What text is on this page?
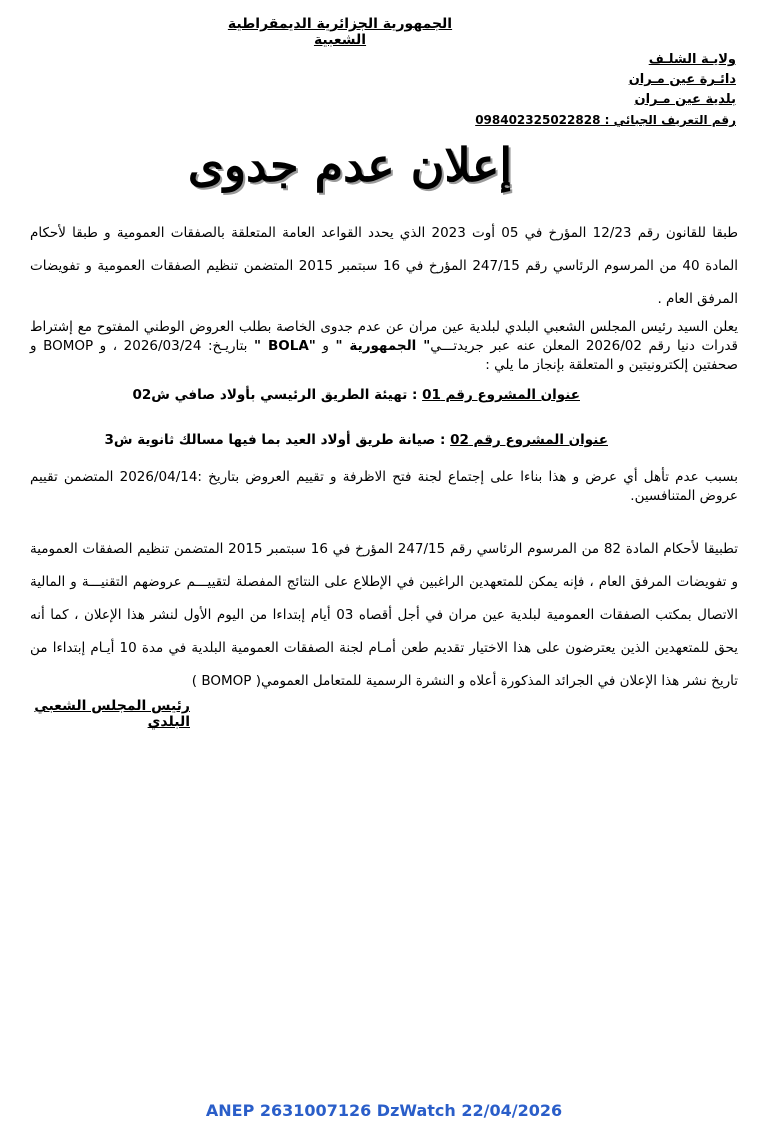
الجمهورية الجزائرية الديمقراطية الشعبية
ولايـة الشلـف
دائـرة عين مـران
بلدية عين مـران
رقم التعريف الجبائي : 098402325022828
إعلان عدم جدوى
طبقا للقانون رقم 12/23 المؤرخ في 05 أوت 2023 الذي يحدد القواعد العامة المتعلقة بالصفقات العمومية و طبقا لأحكام المادة 40 من المرسوم الرئاسي رقم 247/15 المؤرخ في 16 سبتمبر 2015 المتضمن تنظيم الصفقات العمومية و تفويضات المرفق العام .
يعلن السيد رئيس المجلس الشعبي البلدي لبلدية عين مران عن عدم جدوى الخاصة بطلب العروض الوطني المفتوح مع إشتراط قدرات دنيا رقم 2026/02 المعلن عنه عبر جريدتـــي" الجمهورية " و "BOLA " بتاريـخ: 2026/03/24 ، و BOMOP و صحفتين إلكترونيتين و المتعلقة بإنجاز ما يلي :
عنوان المشروع رقم 01 : تهيئة الطريق الرئيسي بأولاد صافي ش02
عنوان المشروع رقم 02 : صيانة طريق أولاد العيد بما فيها مسالك ثانوية ش3
بسبب عدم تأهل أي عرض و هذا بناءا على إجتماع لجنة فتح الاظرفة و تقييم العروض بتاريخ :2026/04/14 المتضمن تقييم عروض المتنافسين.
تطبيقا لأحكام المادة 82 من المرسوم الرئاسي رقم 247/15 المؤرخ في 16 سبتمبر 2015 المتضمن تنظيم الصفقات العمومية و تفويضات المرفق العام ، فإنه يمكن للمتعهدين الراغبين في الإطلاع على النتائج المفصلة لتقييـــم عروضهم التقنيـــة و المالية الاتصال بمكتب الصفقات العمومية لبلدية عين مران في أجل أقصاه 03 أيام إبتداءا من اليوم الأول لنشر هذا الإعلان ، كما أنه يحق للمتعهدين الذين يعترضون على هذا الاختيار تقديم طعن أمـام لجنة الصفقات العمومية البلدية في مدة 10 أيـام إبتداءا من تاريخ نشر هذا الإعلان في الجرائد المذكورة أعلاه و النشرة الرسمية للمتعامل العمومي( BOMOP )
رئيس المجلس الشعبي البلدي
ANEP 2631007126 DzWatch 22/04/2026
